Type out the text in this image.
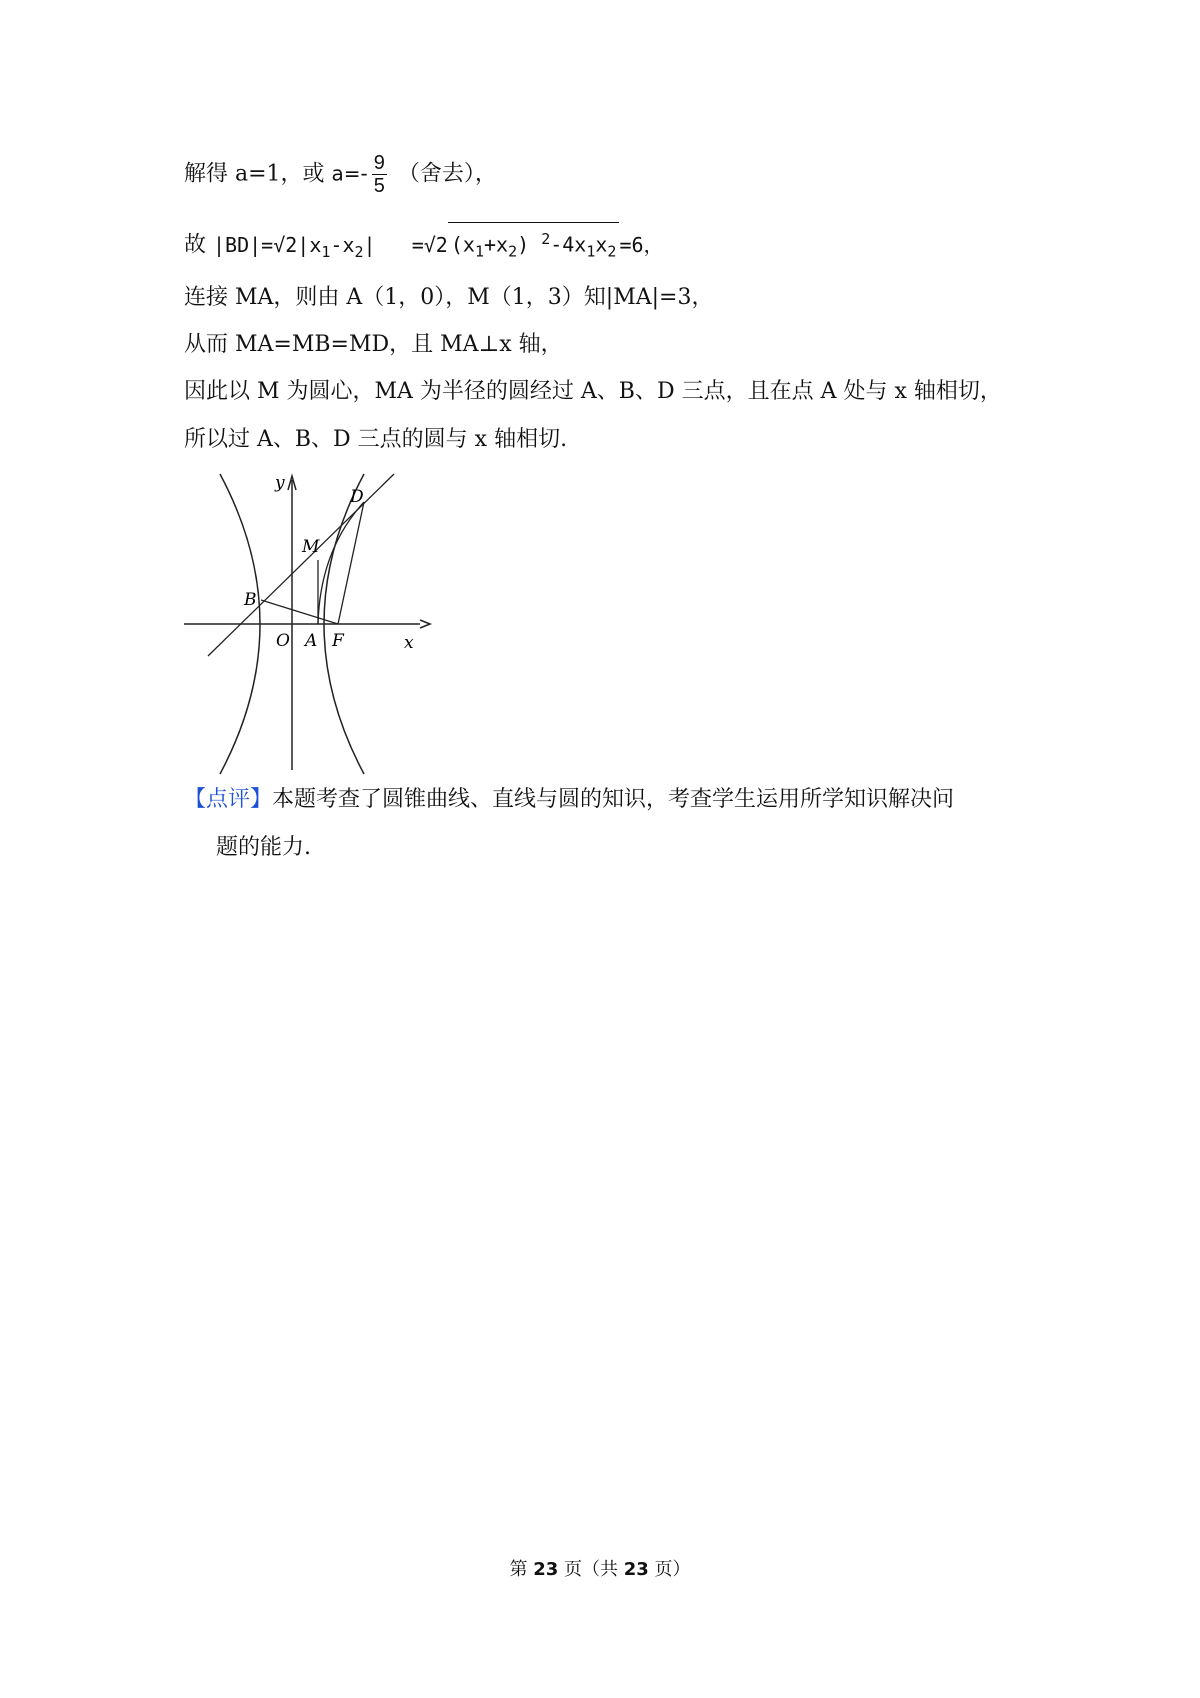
解得 a=1，或 $a=- \frac{9}{5}$ （舍去），
故 $|BD|=√2|x_1-x_2| =√2$ $(x_1+x_2)$ $^2-4x_1x_2 =6$，
连接 MA，则由 A（1，0），M（1，3）知|MA|=3，
从而 MA=MB=MD，且 MA⊥x 轴，
因此以 M 为圆心，MA 为半径的圆经过 A、B、D 三点，且在点 A 处与 x 轴相切，
所以过 A、B、D 三点的圆与 x 轴相切.
y
x
O A F
B
M
D
【点评】本题考查了圆锥曲线、直线与圆的知识，考查学生运用所学知识解决问
题的能力.
第 23 页（共 23 页）
